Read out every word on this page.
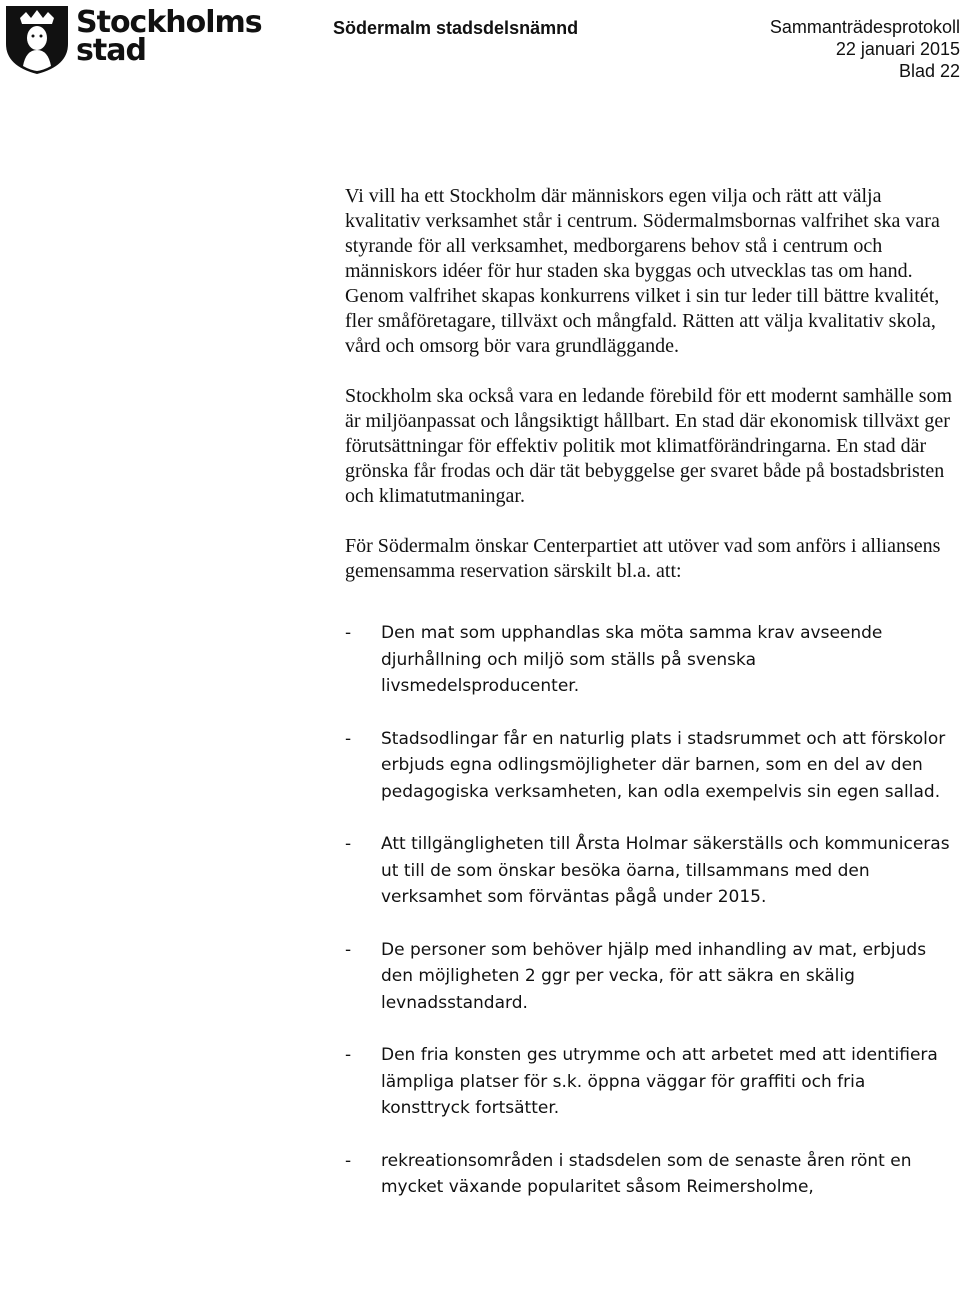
Stockholms
stad
Södermalm stadsdelsnämnd	Sammanträdesprotokoll
22 januari 2015
Blad 22

Vi vill ha ett Stockholm där människors egen vilja och rätt att välja kvalitativ verksamhet står i centrum. Södermalmsbornas valfrihet ska vara styrande för all verksamhet, medborgarens behov stå i centrum och människors idéer för hur staden ska byggas och utvecklas tas om hand. Genom valfrihet skapas konkurrens vilket i sin tur leder till bättre kvalitét, fler småföretagare, tillväxt och mångfald. Rätten att välja kvalitativ skola, vård och omsorg bör vara grundläggande.

Stockholm ska också vara en ledande förebild för ett modernt samhälle som är miljöanpassat och långsiktigt hållbart. En stad där ekonomisk tillväxt ger förutsättningar för effektiv politik mot klimatförändringarna. En stad där grönska får frodas och där tät bebyggelse ger svaret både på bostadsbristen och klimatutmaningar.

För Södermalm önskar Centerpartiet att utöver vad som anförs i alliansens gemensamma reservation särskilt bl.a. att:

- Den mat som upphandlas ska möta samma krav avseende djurhållning och miljö som ställs på svenska livsmedelsproducenter.
- Stadsodlingar får en naturlig plats i stadsrummet och att förskolor erbjuds egna odlingsmöjligheter där barnen, som en del av den pedagogiska verksamheten, kan odla exempelvis sin egen sallad.
- Att tillgängligheten till Årsta Holmar säkerställs och kommuniceras ut till de som önskar besöka öarna, tillsammans med den verksamhet som förväntas pågå under 2015.
- De personer som behöver hjälp med inhandling av mat, erbjuds den möjligheten 2 ggr per vecka, för att säkra en skälig levnadsstandard.
- Den fria konsten ges utrymme och att arbetet med att identifiera lämpliga platser för s.k. öppna väggar för graffiti och fria konsttryck fortsätter.
- rekreationsområden i stadsdelen som de senaste åren rönt en mycket växande popularitet såsom Reimersholme,
